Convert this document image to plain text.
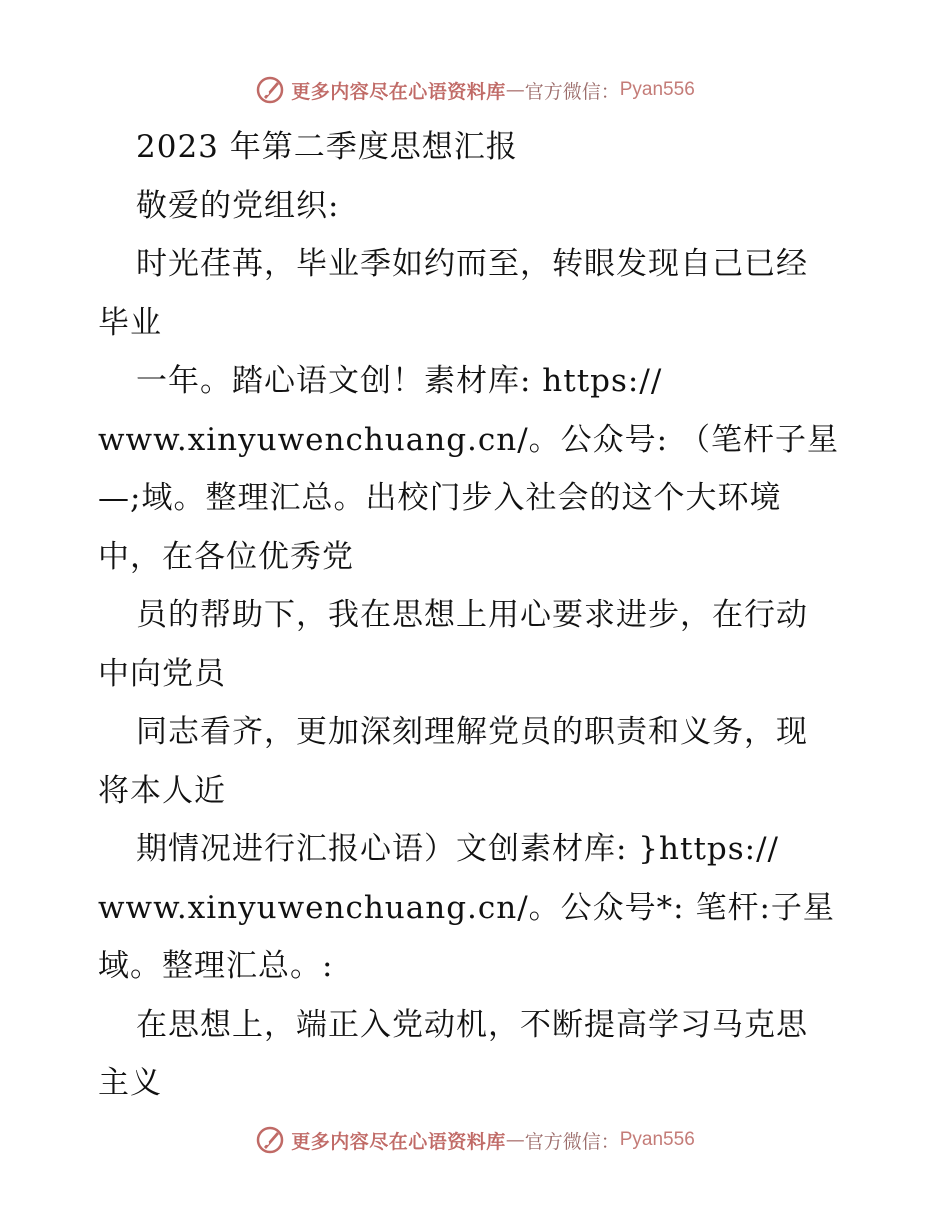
更多内容尽在心语资料库 — 官方微信： Pyan556
2023 年第二季度思想汇报
敬爱的党组织:
时光荏苒，毕业季如约而至，转眼发现自己已经
毕业
一年。踏心语文创！素材库: https://
www.xinyuwenchuang.cn/。公众号: （笔杆子星
—;域。整理汇总。出校门步入社会的这个大环境
中，在各位优秀党
员的帮助下，我在思想上用心要求进步，在行动
中向党员
同志看齐，更加深刻理解党员的职责和义务，现
将本人近
期情况进行汇报心语）文创素材库: }https://
www.xinyuwenchuang.cn/。公众号*: 笔杆:子星
域。整理汇总。:
在思想上，端正入党动机，不断提高学习马克思
主义
更多内容尽在心语资料库 — 官方微信： Pyan556
